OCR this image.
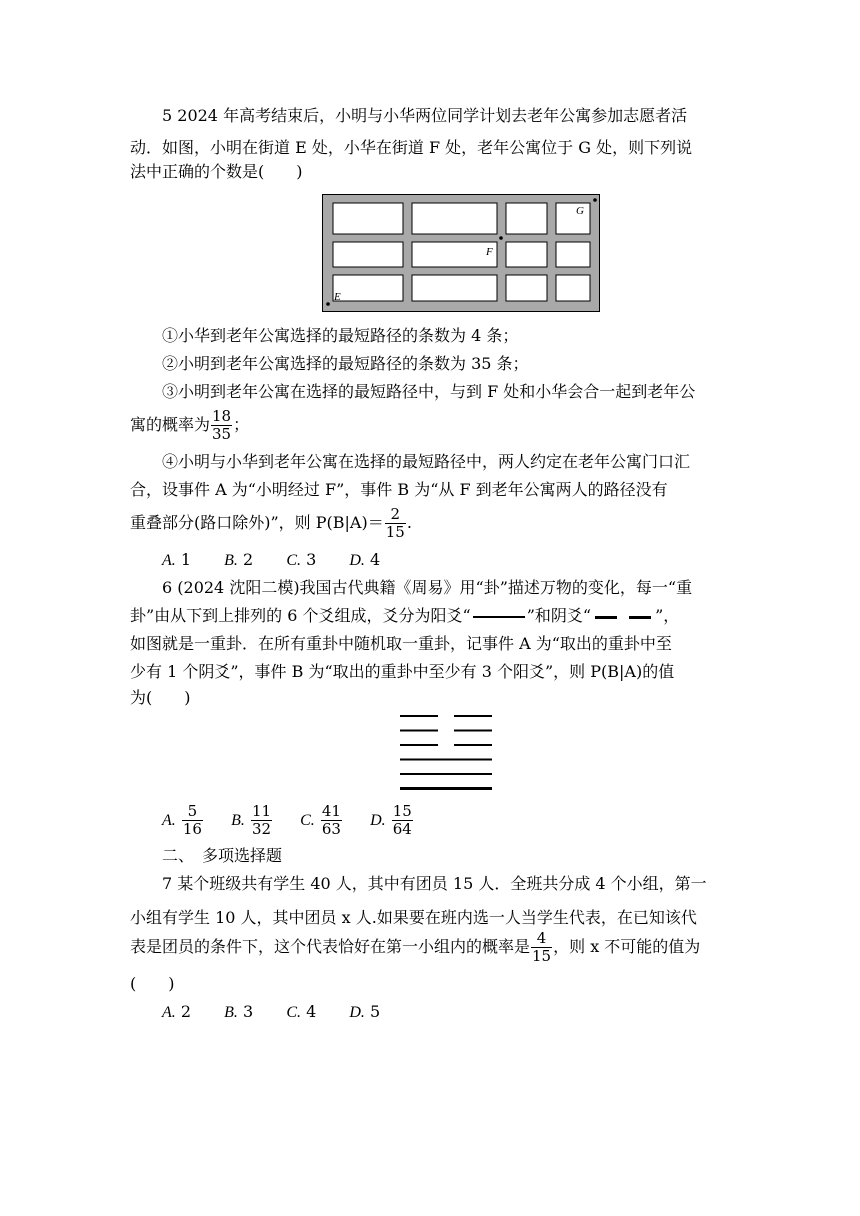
5 2024 年高考结束后，小明与小华两位同学计划去老年公寓参加志愿者活
动．如图，小明在街道 E 处，小华在街道 F 处，老年公寓位于 G 处，则下列说
法中正确的个数是(　　)
G
F
E
①小华到老年公寓选择的最短路径的条数为 4 条；
②小明到老年公寓选择的最短路径的条数为 35 条；
③小明到老年公寓在选择的最短路径中，与到 F 处和小华会合一起到老年公
寓的概率为 $\frac{18}{35}$ ；
④小明与小华到老年公寓在选择的最短路径中，两人约定在老年公寓门口汇
合，设事件 A 为“小明经过 F”，事件 B 为“从 F 到老年公寓两人的路径没有
重叠部分(路口除外)”，则 $P(B|A)= \frac{2}{15}$ .
A. 1 B. 2 C. 3 D. 4
6 (2024 沈阳二模)我国古代典籍《周易》用“卦”描述万物的变化，每一“重
卦”由从下到上排列的 6 个爻组成，爻分为阳爻“	”和阴爻“	”，
如图就是一重卦．在所有重卦中随机取一重卦，记事件 A 为“取出的重卦中至
少有 1 个阴爻”，事件 B 为“取出的重卦中至少有 3 个阳爻”，则 P(B|A)的值
为(　　)
A. $\frac{5}{16} B$. $\frac{11}{32} C$. $\frac{41}{63} D$. $\frac{15}{64}$
二、　多项选择题
7 某个班级共有学生 40 人，其中有团员 15 人．全班共分成 4 个小组，第一
小组有学生 10 人，其中团员 x 人.如果要在班内选一人当学生代表，在已知该代
表是团员的条件下，这个代表恰好在第一小组内的概率是 $\frac{4}{15}$ ，则 x 不可能的值为
(　　)
A. 2 B. 3 C. 4 D. 5
